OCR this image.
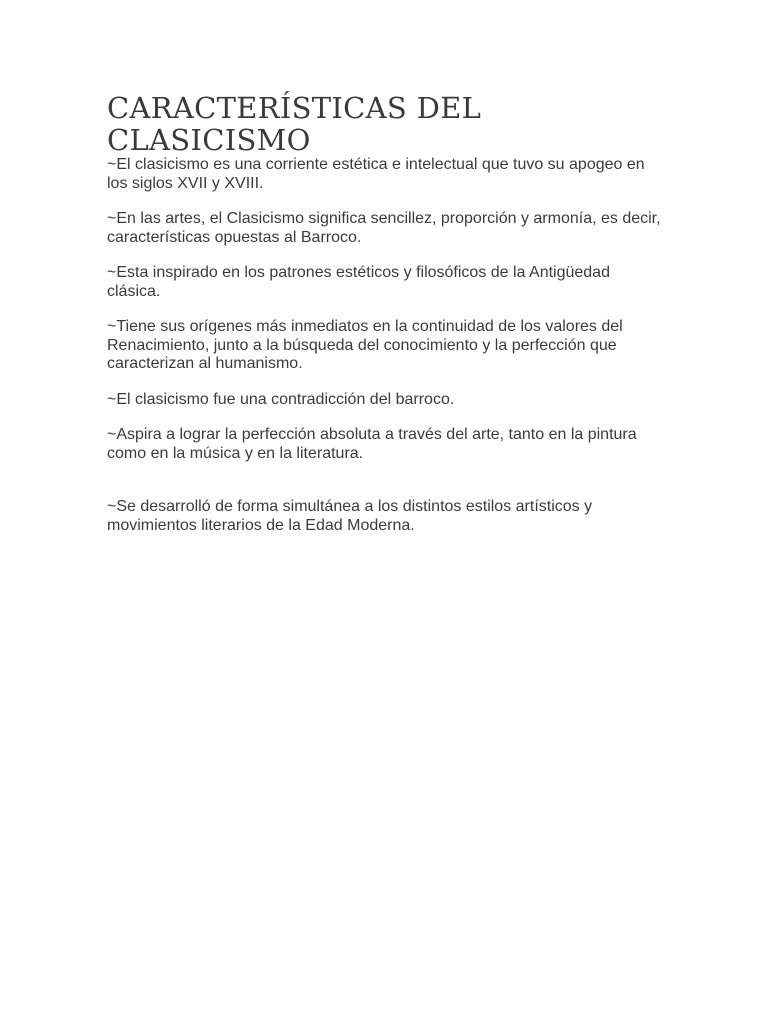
CARACTERÍSTICAS DEL
CLASICISMO

~El clasicismo es una corriente estética e intelectual que tuvo su apogeo en los siglos XVII y XVIII.

~En las artes, el Clasicismo significa sencillez, proporción y armonía, es decir, características opuestas al Barroco.

~Esta inspirado en los patrones estéticos y filosóficos de la Antigüedad clásica.

~Tiene sus orígenes más inmediatos en la continuidad de los valores del Renacimiento, junto a la búsqueda del conocimiento y la perfección que caracterizan al humanismo.

~El clasicismo fue una contradicción del barroco.

~Aspira a lograr la perfección absoluta a través del arte, tanto en la pintura como en la música y en la literatura.

~Se desarrolló de forma simultánea a los distintos estilos artísticos y movimientos literarios de la Edad Moderna.
